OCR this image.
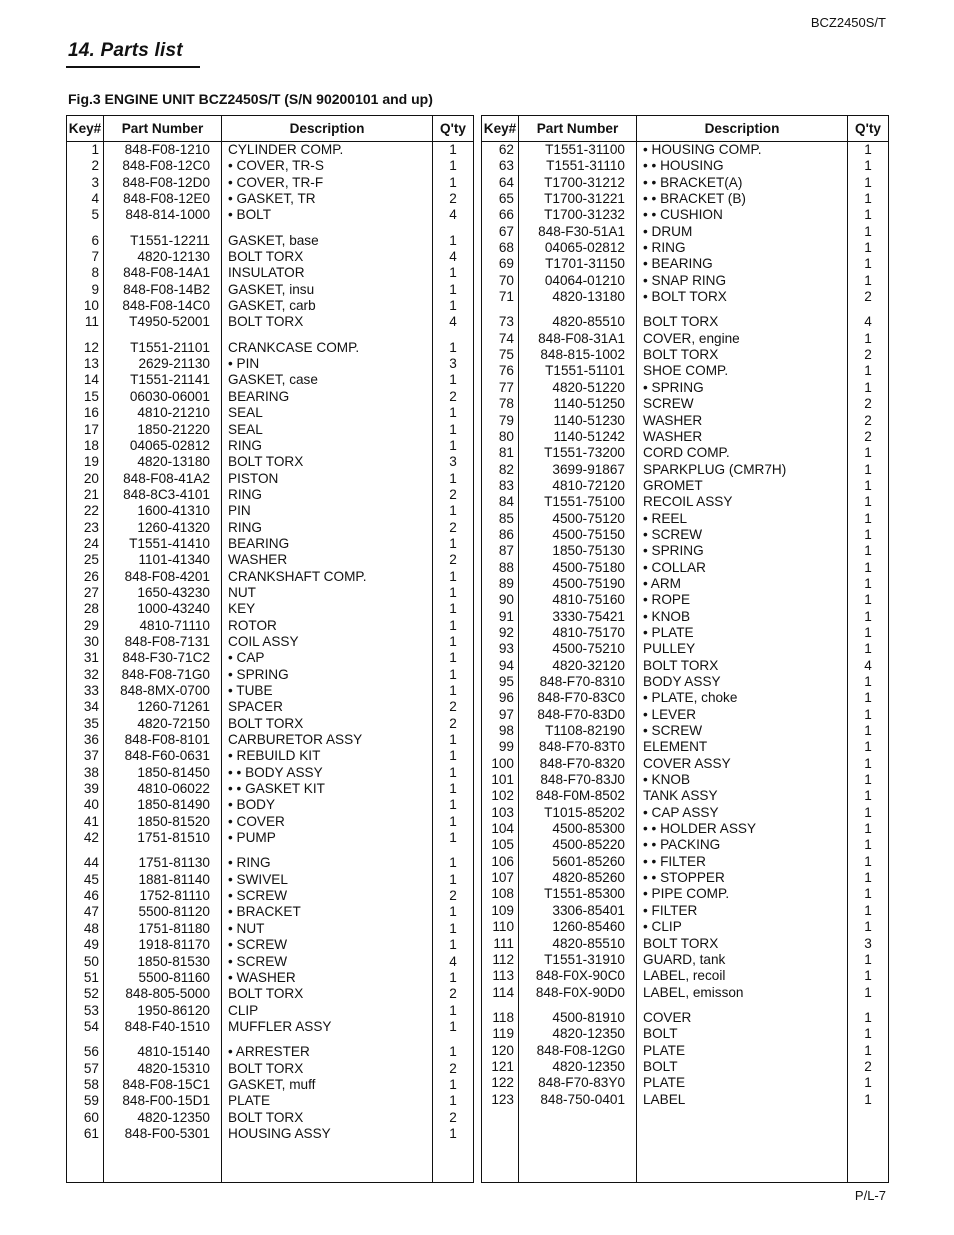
BCZ2450S/T
14. Parts list
Fig.3 ENGINE UNIT BCZ2450S/T (S/N 90200101 and up)
Key#	Part Number	Description	Q'ty
1	848-F08-1210	CYLINDER COMP.	1
2	848-F08-12C0	• COVER, TR-S	1
3	848-F08-12D0	• COVER, TR-F	1
4	848-F08-12E0	• GASKET, TR	2
5	848-814-1000	• BOLT	4

6	T1551-12211	GASKET, base	1
7	4820-12130	BOLT TORX	4
8	848-F08-14A1	INSULATOR	1
9	848-F08-14B2	GASKET, insu	1
10	848-F08-14C0	GASKET, carb	1
11	T4950-52001	BOLT TORX	4

12	T1551-21101	CRANKCASE COMP.	1
13	2629-21130	• PIN	3
14	T1551-21141	GASKET, case	1
15	06030-06001	BEARING	2
16	4810-21210	SEAL	1
17	1850-21220	SEAL	1
18	04065-02812	RING	1
19	4820-13180	BOLT TORX	3
20	848-F08-41A2	PISTON	1
21	848-8C3-4101	RING	2
22	1600-41310	PIN	1
23	1260-41320	RING	2
24	T1551-41410	BEARING	1
25	1101-41340	WASHER	2
26	848-F08-4201	CRANKSHAFT COMP.	1
27	1650-43230	NUT	1
28	1000-43240	KEY	1
29	4810-71110	ROTOR	1
30	848-F08-7131	COIL ASSY	1
31	848-F30-71C2	• CAP	1
32	848-F08-71G0	• SPRING	1
33	848-8MX-0700	• TUBE	1
34	1260-71261	SPACER	2
35	4820-72150	BOLT TORX	2
36	848-F08-8101	CARBURETOR ASSY	1
37	848-F60-0631	• REBUILD KIT	1
38	1850-81450	• • BODY ASSY	1
39	4810-06022	• • GASKET KIT	1
40	1850-81490	• BODY	1
41	1850-81520	• COVER	1
42	1751-81510	• PUMP	1

44	1751-81130	• RING	1
45	1881-81140	• SWIVEL	1
46	1752-81110	• SCREW	2
47	5500-81120	• BRACKET	1
48	1751-81180	• NUT	1
49	1918-81170	• SCREW	1
50	1850-81530	• SCREW	4
51	5500-81160	• WASHER	1
52	848-805-5000	BOLT TORX	2
53	1950-86120	CLIP	1
54	848-F40-1510	MUFFLER ASSY	1

56	4810-15140	• ARRESTER	1
57	4820-15310	BOLT TORX	2
58	848-F08-15C1	GASKET, muff	1
59	848-F00-15D1	PLATE	1
60	4820-12350	BOLT TORX	2
61	848-F00-5301	HOUSING ASSY	1

Key#	Part Number	Description	Q'ty
62	T1551-31100	• HOUSING COMP.	1
63	T1551-31110	• • HOUSING	1
64	T1700-31212	• • BRACKET(A)	1
65	T1700-31221	• • BRACKET (B)	1
66	T1700-31232	• • CUSHION	1
67	848-F30-51A1	• DRUM	1
68	04065-02812	• RING	1
69	T1701-31150	• BEARING	1
70	04064-01210	• SNAP RING	1
71	4820-13180	• BOLT TORX	2

73	4820-85510	BOLT TORX	4
74	848-F08-31A1	COVER, engine	1
75	848-815-1002	BOLT TORX	2
76	T1551-51101	SHOE COMP.	1
77	4820-51220	• SPRING	1
78	1140-51250	SCREW	2
79	1140-51230	WASHER	2
80	1140-51242	WASHER	2
81	T1551-73200	CORD COMP.	1
82	3699-91867	SPARKPLUG (CMR7H)	1
83	4810-72120	GROMET	1
84	T1551-75100	RECOIL ASSY	1
85	4500-75120	• REEL	1
86	4500-75150	• SCREW	1
87	1850-75130	• SPRING	1
88	4500-75180	• COLLAR	1
89	4500-75190	• ARM	1
90	4810-75160	• ROPE	1
91	3330-75421	• KNOB	1
92	4810-75170	• PLATE	1
93	4500-75210	PULLEY	1
94	4820-32120	BOLT TORX	4
95	848-F70-8310	BODY ASSY	1
96	848-F70-83C0	• PLATE, choke	1
97	848-F70-83D0	• LEVER	1
98	T1108-82190	• SCREW	1
99	848-F70-83T0	ELEMENT	1
100	848-F70-8320	COVER ASSY	1
101	848-F70-83J0	• KNOB	1
102	848-F0M-8502	TANK ASSY	1
103	T1015-85202	• CAP ASSY	1
104	4500-85300	• • HOLDER ASSY	1
105	4500-85220	• • PACKING	1
106	5601-85260	• • FILTER	1
107	4820-85260	• • STOPPER	1
108	T1551-85300	• PIPE COMP.	1
109	3306-85401	• FILTER	1
110	1260-85460	• CLIP	1
111	4820-85510	BOLT TORX	3
112	T1551-31910	GUARD, tank	1
113	848-F0X-90C0	LABEL, recoil	1
114	848-F0X-90D0	LABEL, emisson	1

118	4500-81910	COVER	1
119	4820-12350	BOLT	1
120	848-F08-12G0	PLATE	1
121	4820-12350	BOLT	2
122	848-F70-83Y0	PLATE	1
123	848-750-0401	LABEL	1

P/L-7
